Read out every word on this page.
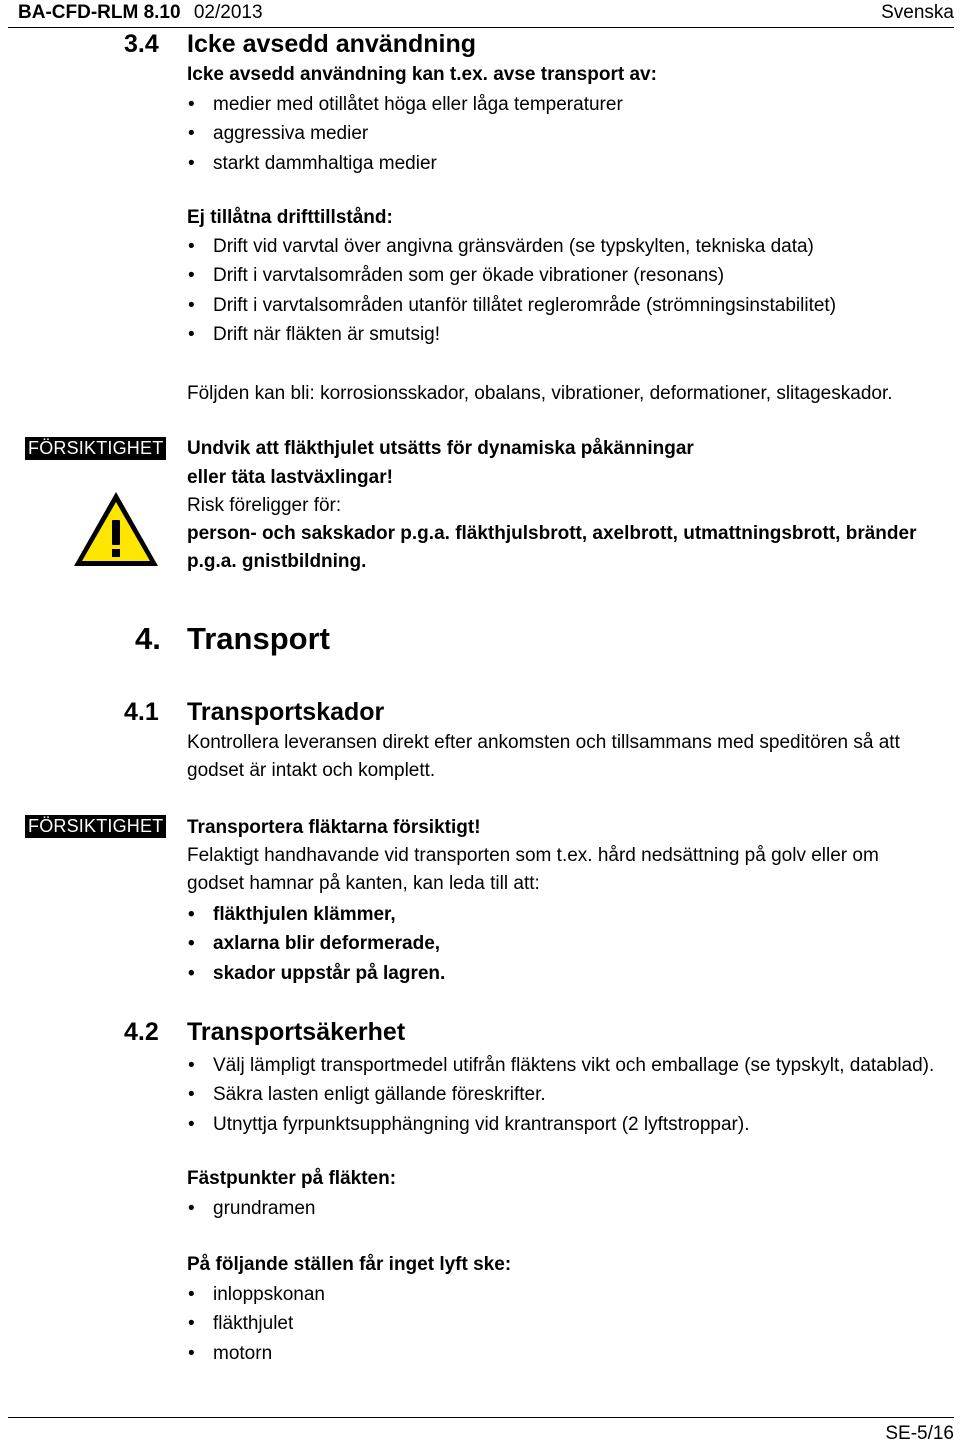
BA-CFD-RLM 8.10 02/2013	Svenska
3.4 Icke avsedd användning
Icke avsedd användning kan t.ex. avse transport av:
• medier med otillåtet höga eller låga temperaturer
• aggressiva medier
• starkt dammhaltiga medier
Ej tillåtna drifttillstånd:
• Drift vid varvtal över angivna gränsvärden (se typskylten, tekniska data)
• Drift i varvtalsområden som ger ökade vibrationer (resonans)
• Drift i varvtalsområden utanför tillåtet reglerområde (strömningsinstabilitet)
• Drift när fläkten är smutsig!
Följden kan bli: korrosionsskador, obalans, vibrationer, deformationer, slitageskador.
FÖRSIKTIGHET Undvik att fläkthjulet utsätts för dynamiska påkänningar
eller täta lastväxlingar!
Risk föreligger för:
person- och sakskador p.g.a. fläkthjulsbrott, axelbrott, utmattningsbrott, bränder
p.g.a. gnistbildning.
4. Transport
4.1 Transportskador
Kontrollera leveransen direkt efter ankomsten och tillsammans med speditören så att
godset är intakt och komplett.
FÖRSIKTIGHET Transportera fläktarna försiktigt!
Felaktigt handhavande vid transporten som t.ex. hård nedsättning på golv eller om
godset hamnar på kanten, kan leda till att:
• fläkthjulen klämmer,
• axlarna blir deformerade,
• skador uppstår på lagren.
4.2 Transportsäkerhet
• Välj lämpligt transportmedel utifrån fläktens vikt och emballage (se typskylt, datablad).
• Säkra lasten enligt gällande föreskrifter.
• Utnyttja fyrpunktsupphängning vid krantransport (2 lyftstroppar).
Fästpunkter på fläkten:
• grundramen
På följande ställen får inget lyft ske:
• inloppskonan
• fläkthjulet
• motorn
SE-5/16
